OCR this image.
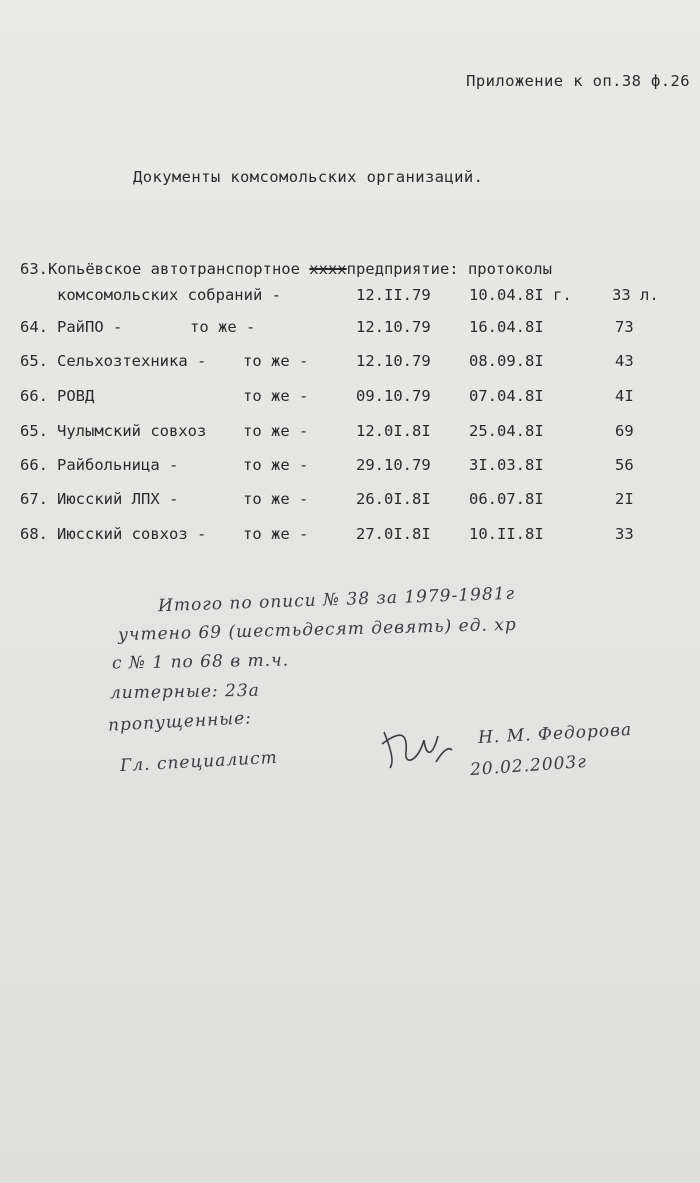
Приложение к оп.38 ф.26
Документы комсомольских организаций.
63.Копьёвское автотранспортное ххххпредприятие: протоколы
комсомольских собраний -	12.II.79 10.04.8I г.	33 л.
64. РайПО -	то же -	12.10.79 16.04.8I	73
65. Сельхозтехника - то же -	12.10.79 08.09.8I	43
66. РОВД	то же -	09.10.79 07.04.8I	4I
65. Чулымский совхоз то же -	12.0I.8I 25.04.8I	69
66. Райбольница -	то же -	29.10.79 3I.03.8I	56
67. Июсский ЛПХ -	то же -	26.0I.8I 06.07.8I	2I
68. Июсский совхоз - то же -	27.0I.8I 10.II.8I	33
Итого по описи № 38 за 1979-1981г
учтено 69 (шестьдесят девять) ед. хр
с № 1 по 68 в т.ч.
литерные: 23а
пропущенные:
Гл. специалист
Н. М. Федорова
20.02.2003г
